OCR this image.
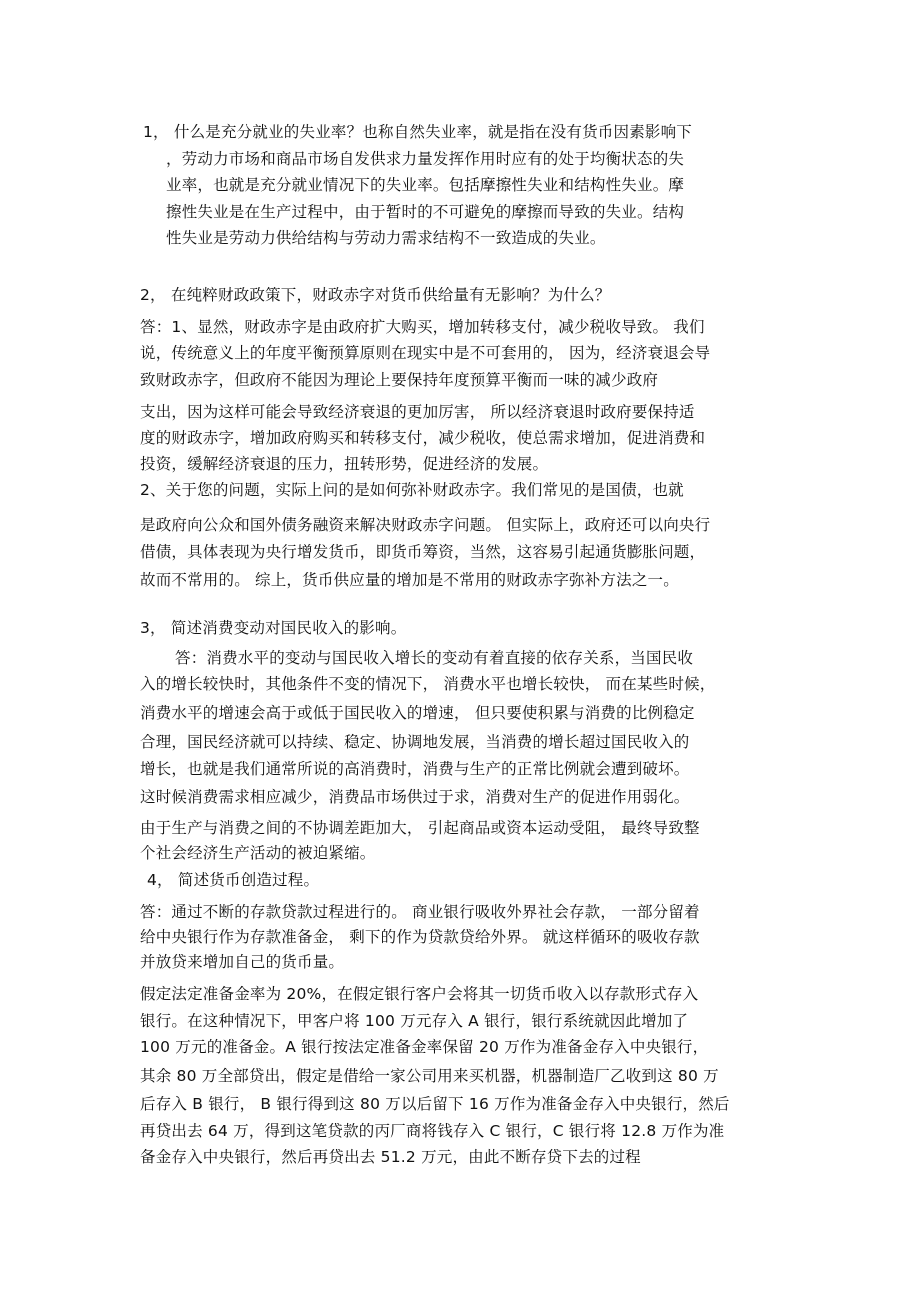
1， 什么是充分就业的失业率？也称自然失业率，就是指在没有货币因素影响下
，劳动力市场和商品市场自发供求力量发挥作用时应有的处于均衡状态的失
业率，也就是充分就业情况下的失业率。包括摩擦性失业和结构性失业。摩
擦性失业是在生产过程中，由于暂时的不可避免的摩擦而导致的失业。结构
性失业是劳动力供给结构与劳动力需求结构不一致造成的失业。
2， 在纯粹财政政策下，财政赤字对货币供给量有无影响？为什么？
答：1、显然，财政赤字是由政府扩大购买，增加转移支付，减少税收导致。 我们
说，传统意义上的年度平衡预算原则在现实中是不可套用的， 因为，经济衰退会导
致财政赤字，但政府不能因为理论上要保持年度预算平衡而一味的减少政府
支出，因为这样可能会导致经济衰退的更加厉害， 所以经济衰退时政府要保持适
度的财政赤字，增加政府购买和转移支付，减少税收，使总需求增加，促进消费和
投资，缓解经济衰退的压力，扭转形势，促进经济的发展。
2、关于您的问题，实际上问的是如何弥补财政赤字。我们常见的是国债，也就
是政府向公众和国外债务融资来解决财政赤字问题。 但实际上，政府还可以向央行
借债，具体表现为央行增发货币，即货币筹资，当然，这容易引起通货膨胀问题，
故而不常用的。 综上，货币供应量的增加是不常用的财政赤字弥补方法之一。
3， 简述消费变动对国民收入的影响。
答：消费水平的变动与国民收入增长的变动有着直接的依存关系，当国民收
入的增长较快时，其他条件不变的情况下， 消费水平也增长较快， 而在某些时候，
消费水平的增速会高于或低于国民收入的增速， 但只要使积累与消费的比例稳定
合理，国民经济就可以持续、稳定、协调地发展，当消费的增长超过国民收入的
增长，也就是我们通常所说的高消费时，消费与生产的正常比例就会遭到破坏。
这时候消费需求相应减少，消费品市场供过于求，消费对生产的促进作用弱化。
由于生产与消费之间的不协调差距加大， 引起商品或资本运动受阻， 最终导致整
个社会经济生产活动的被迫紧缩。
4， 简述货币创造过程。
答：通过不断的存款贷款过程进行的。 商业银行吸收外界社会存款， 一部分留着
给中央银行作为存款准备金， 剩下的作为贷款贷给外界。 就这样循环的吸收存款
并放贷来增加自己的货币量。
假定法定准备金率为 20%，在假定银行客户会将其一切货币收入以存款形式存入
银行。在这种情况下，甲客户将 100 万元存入 A 银行，银行系统就因此增加了
100 万元的准备金。A 银行按法定准备金率保留 20 万作为准备金存入中央银行，
其余 80 万全部贷出，假定是借给一家公司用来买机器，机器制造厂乙收到这 80 万
后存入 B 银行， B 银行得到这 80 万以后留下 16 万作为准备金存入中央银行，然后
再贷出去 64 万，得到这笔贷款的丙厂商将钱存入 C 银行，C 银行将 12.8 万作为准
备金存入中央银行，然后再贷出去 51.2 万元，由此不断存贷下去的过程
